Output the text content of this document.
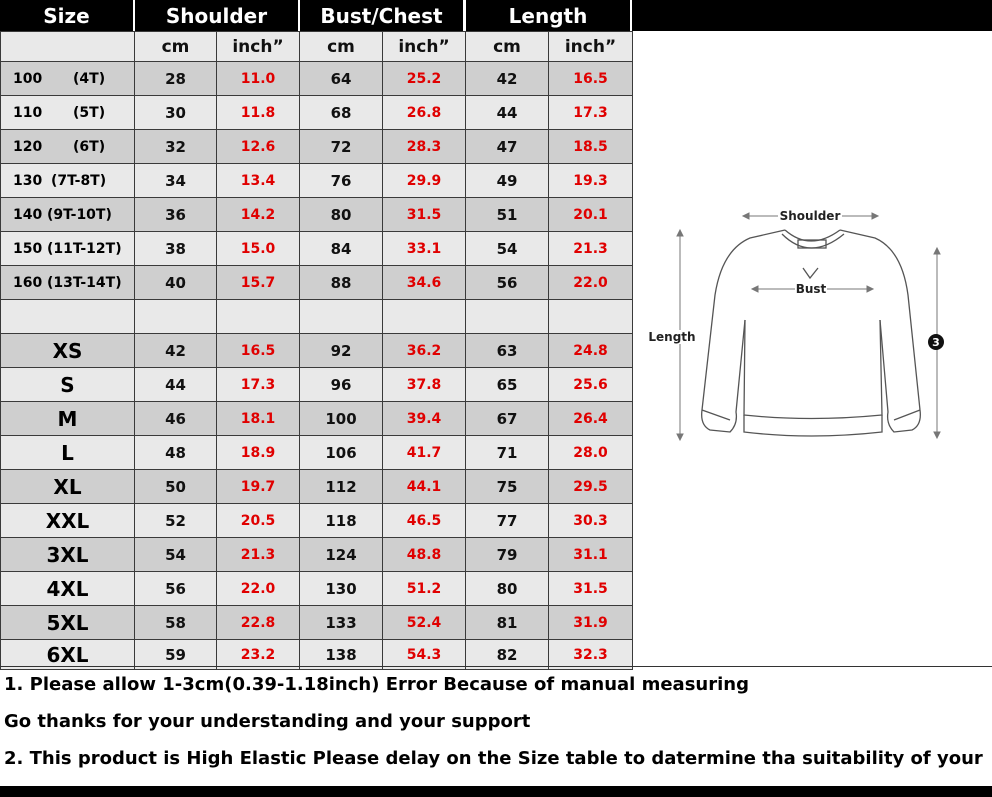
Size	Shoulder	Bust/Chest	Length
	cm	inch”	cm	inch”	cm	inch”
100 (4T)	28	11.0	64	25.2	42	16.5
110 (5T)	30	11.8	68	26.8	44	17.3
120 (6T)	32	12.6	72	28.3	47	18.5
130 (7T-8T)	34	13.4	76	29.9	49	19.3
140 (9T-10T)	36	14.2	80	31.5	51	20.1
150 (11T-12T)	38	15.0	84	33.1	54	21.3
160 (13T-14T)	40	15.7	88	34.6	56	22.0

XS	42	16.5	92	36.2	63	24.8
S	44	17.3	96	37.8	65	25.6
M	46	18.1	100	39.4	67	26.4
L	48	18.9	106	41.7	71	28.0
XL	50	19.7	112	44.1	75	29.5
XXL	52	20.5	118	46.5	77	30.3
3XL	54	21.3	124	48.8	79	31.1
4XL	56	22.0	130	51.2	80	31.5
5XL	58	22.8	133	52.4	81	31.9
6XL	59	23.2	138	54.3	82	32.3
Shoulder
Bust
Length	3
1. Please allow 1-3cm(0.39-1.18inch) Error Because of manual measuring
Go thanks for your understanding and your support
2. This product is High Elastic Please delay on the Size table to datermine tha suitability of your
